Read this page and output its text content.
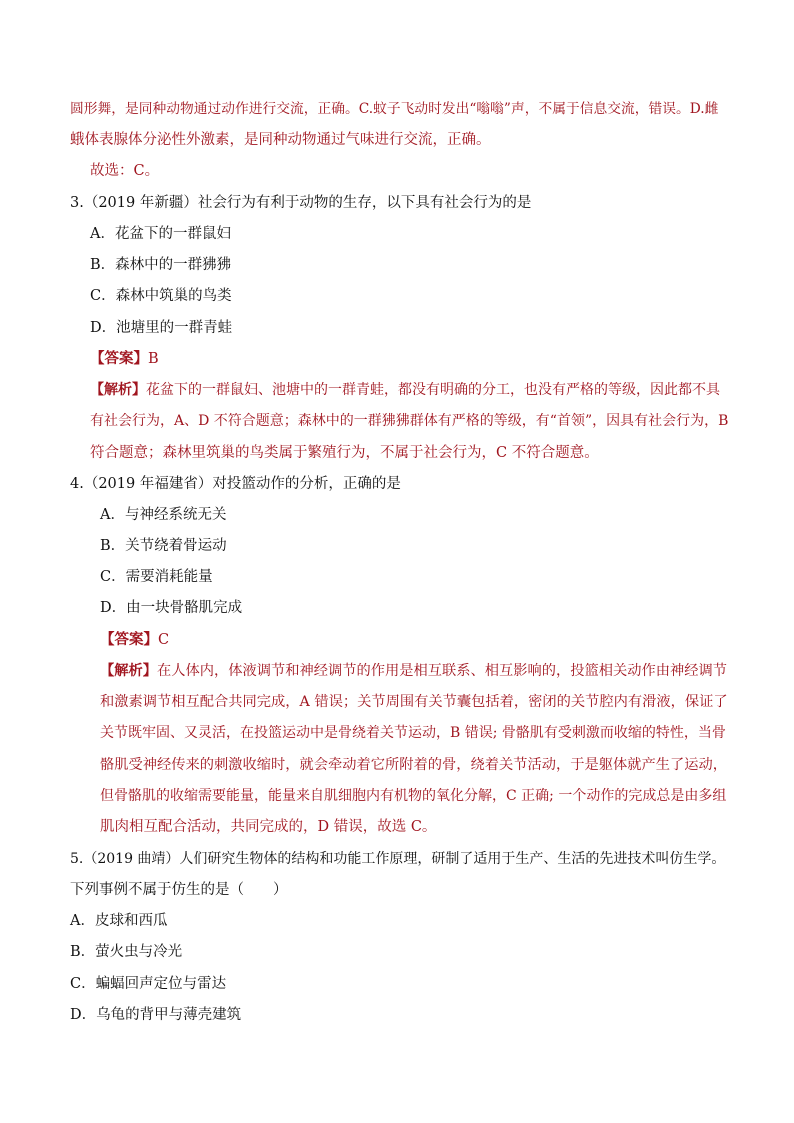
圆形舞，是同种动物通过动作进行交流，正确。C.蚊子飞动时发出“嗡嗡”声，不属于信息交流，错误。D.雌
蛾体表腺体分泌性外激素，是同种动物通过气味进行交流，正确。
故选：C。
3.（2019 年新疆）社会行为有利于动物的生存，以下具有社会行为的是
A．花盆下的一群鼠妇
B．森林中的一群狒狒
C．森林中筑巢的鸟类
D．池塘里的一群青蛙
【答案】B
【解析】花盆下的一群鼠妇、池塘中的一群青蛙，都没有明确的分工，也没有严格的等级，因此都不具
有社会行为，A、D 不符合题意；森林中的一群狒狒群体有严格的等级，有“首领”，因具有社会行为，B
符合题意；森林里筑巢的鸟类属于繁殖行为，不属于社会行为，C 不符合题意。
4.（2019 年福建省）对投篮动作的分析，正确的是
A．与神经系统无关
B．关节绕着骨运动
C．需要消耗能量
D．由一块骨骼肌完成
【答案】C
【解析】在人体内，体液调节和神经调节的作用是相互联系、相互影响的，投篮相关动作由神经调节
和激素调节相互配合共同完成，A 错误；关节周围有关节囊包括着，密闭的关节腔内有滑液，保证了
关节既牢固、又灵活，在投篮运动中是骨绕着关节运动，B 错误; 骨骼肌有受刺激而收缩的特性，当骨
骼肌受神经传来的刺激收缩时，就会牵动着它所附着的骨，绕着关节活动，于是躯体就产生了运动，
但骨骼肌的收缩需要能量，能量来自肌细胞内有机物的氧化分解，C 正确; 一个动作的完成总是由多组
肌肉相互配合活动，共同完成的，D 错误，故选 C。
5.（2019 曲靖）人们研究生物体的结构和功能工作原理，研制了适用于生产、生活的先进技术叫仿生学。
下列事例不属于仿生的是（　　）
A．皮球和西瓜
B．萤火虫与冷光
C．蝙蝠回声定位与雷达
D．乌龟的背甲与薄壳建筑
